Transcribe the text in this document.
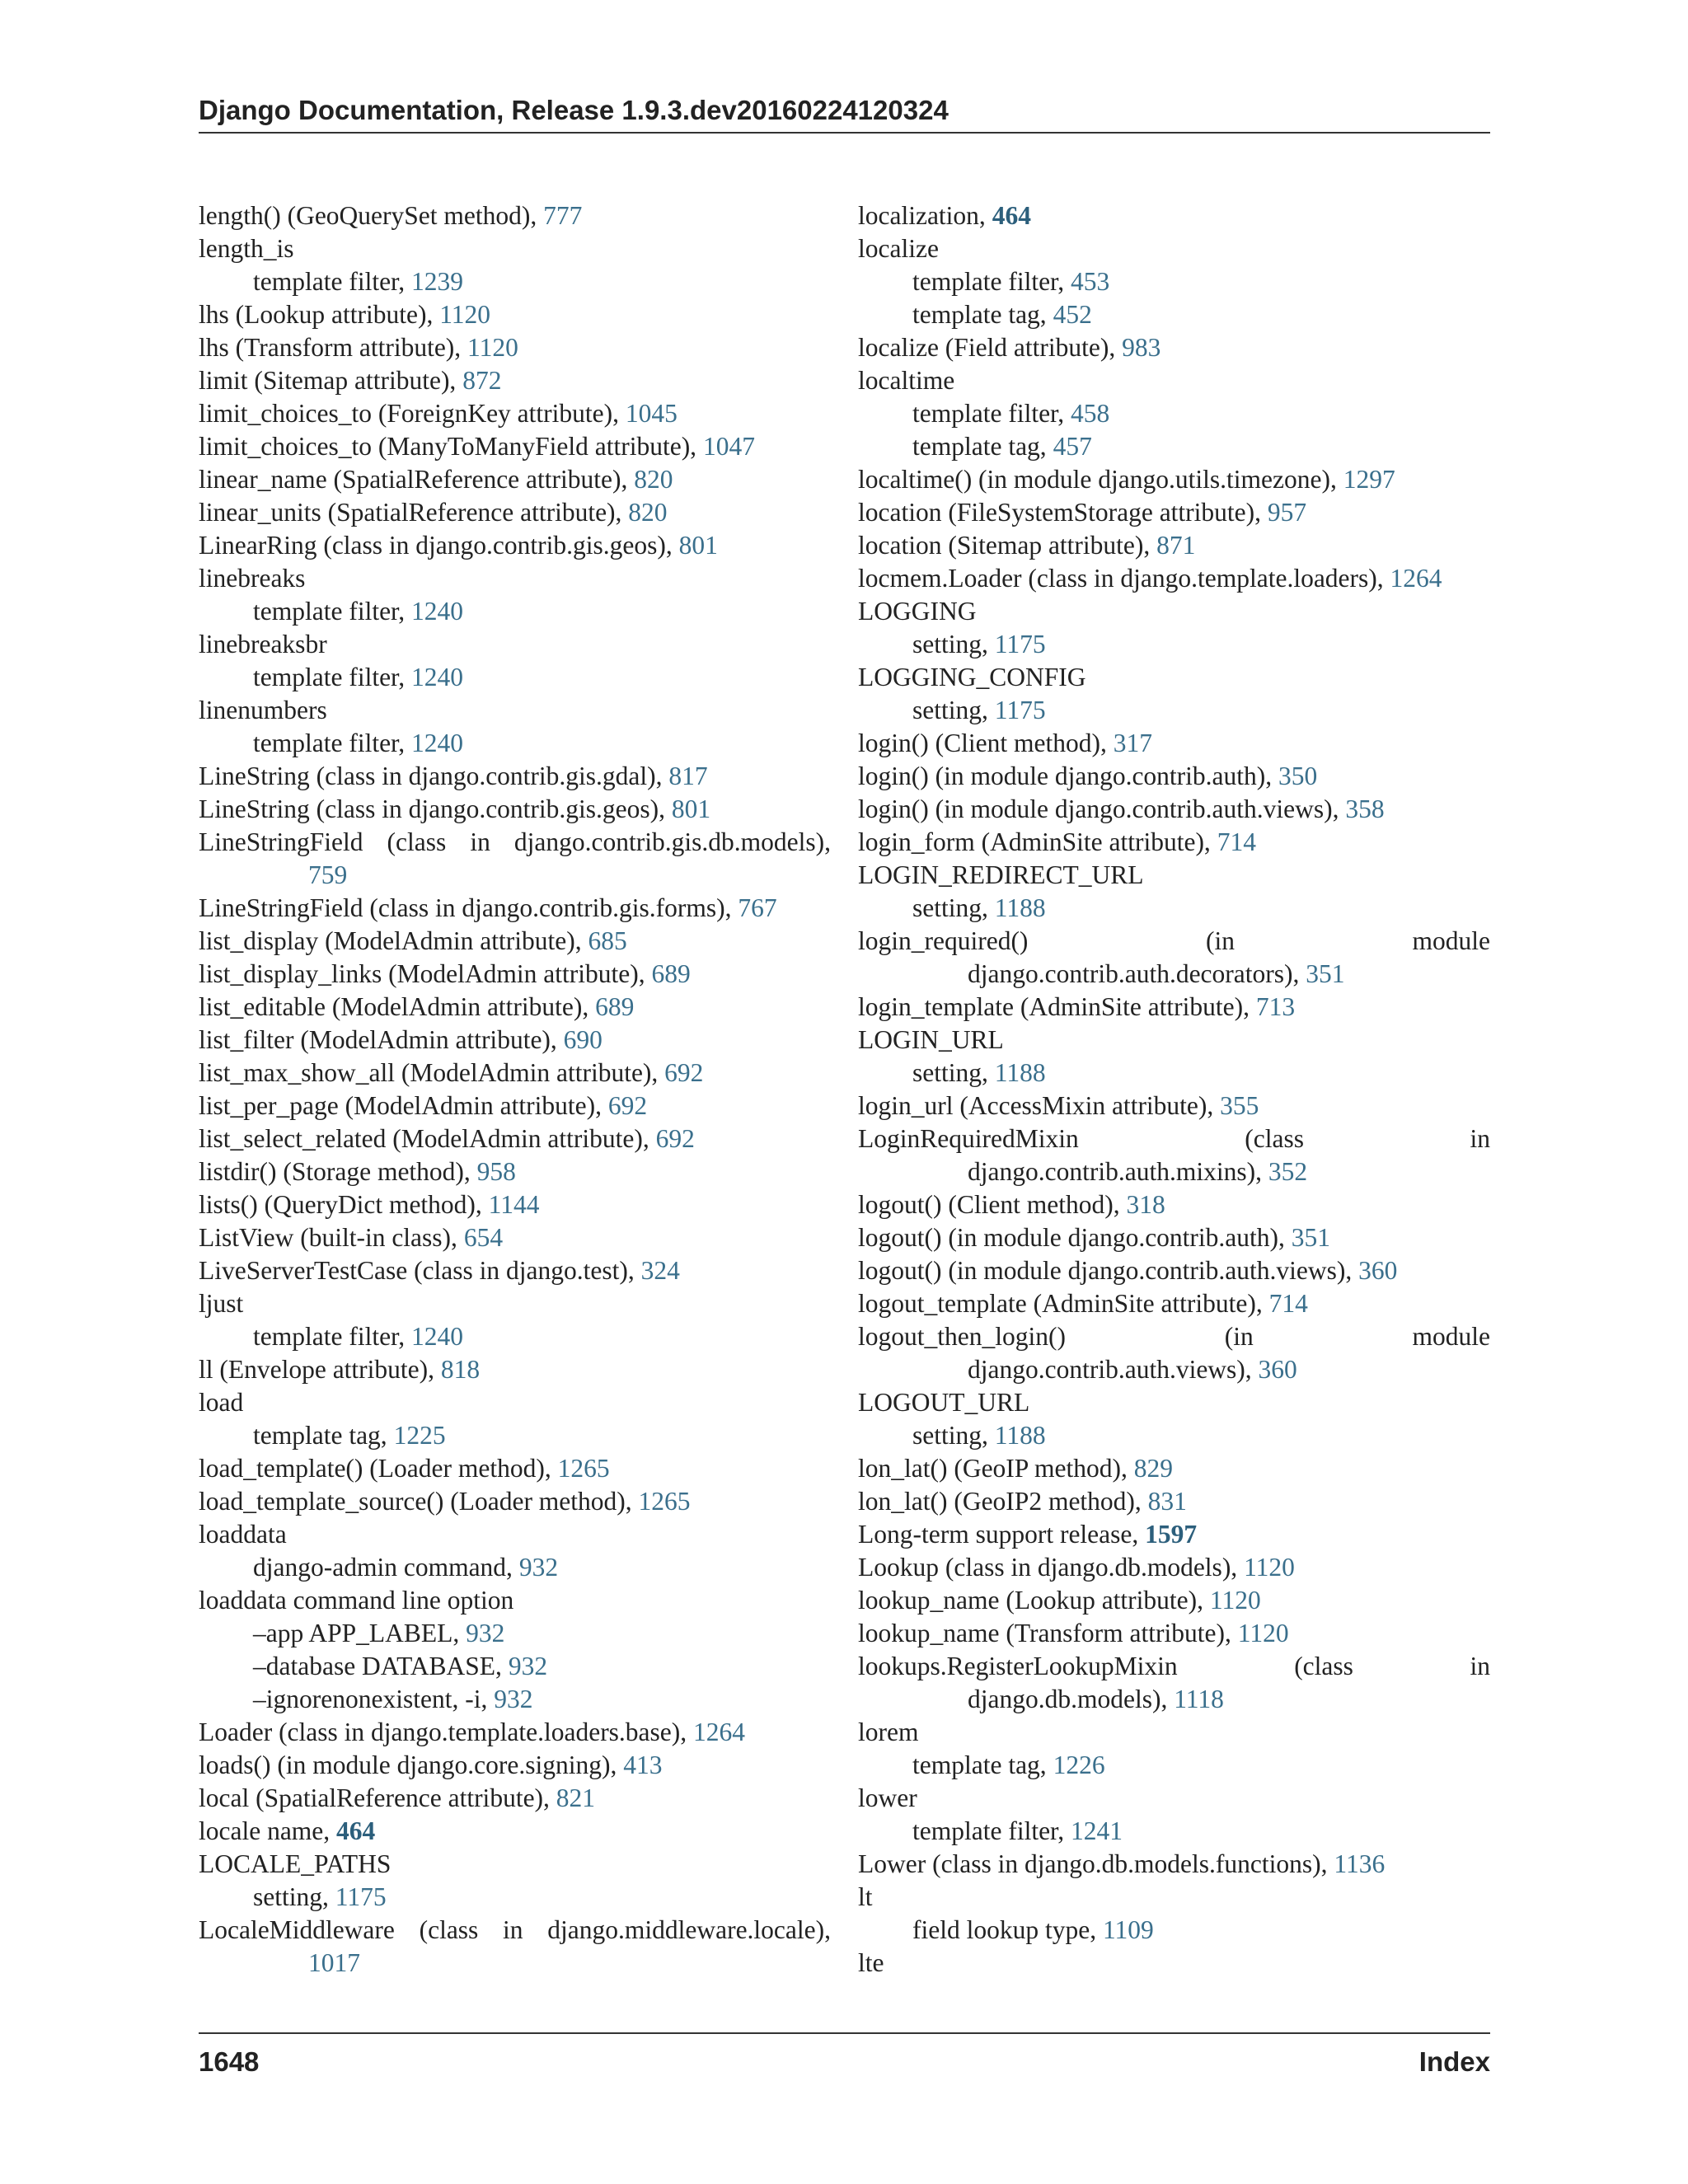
Django Documentation, Release 1.9.3.dev20160224120324
length() (GeoQuerySet method), 777
length_is
template filter, 1239
lhs (Lookup attribute), 1120
lhs (Transform attribute), 1120
limit (Sitemap attribute), 872
limit_choices_to (ForeignKey attribute), 1045
limit_choices_to (ManyToManyField attribute), 1047
linear_name (SpatialReference attribute), 820
linear_units (SpatialReference attribute), 820
LinearRing (class in django.contrib.gis.geos), 801
linebreaks
template filter, 1240
linebreaksbr
template filter, 1240
linenumbers
template filter, 1240
LineString (class in django.contrib.gis.gdal), 817
LineString (class in django.contrib.gis.geos), 801
LineStringField (class in django.contrib.gis.db.models),
759
LineStringField (class in django.contrib.gis.forms), 767
list_display (ModelAdmin attribute), 685
list_display_links (ModelAdmin attribute), 689
list_editable (ModelAdmin attribute), 689
list_filter (ModelAdmin attribute), 690
list_max_show_all (ModelAdmin attribute), 692
list_per_page (ModelAdmin attribute), 692
list_select_related (ModelAdmin attribute), 692
listdir() (Storage method), 958
lists() (QueryDict method), 1144
ListView (built-in class), 654
LiveServerTestCase (class in django.test), 324
ljust
template filter, 1240
ll (Envelope attribute), 818
load
template tag, 1225
load_template() (Loader method), 1265
load_template_source() (Loader method), 1265
loaddata
django-admin command, 932
loaddata command line option
–app APP_LABEL, 932
–database DATABASE, 932
–ignorenonexistent, -i, 932
Loader (class in django.template.loaders.base), 1264
loads() (in module django.core.signing), 413
local (SpatialReference attribute), 821
locale name, 464
LOCALE_PATHS
setting, 1175
LocaleMiddleware (class in django.middleware.locale),
1017
localization, 464
localize
template filter, 453
template tag, 452
localize (Field attribute), 983
localtime
template filter, 458
template tag, 457
localtime() (in module django.utils.timezone), 1297
location (FileSystemStorage attribute), 957
location (Sitemap attribute), 871
locmem.Loader (class in django.template.loaders), 1264
LOGGING
setting, 1175
LOGGING_CONFIG
setting, 1175
login() (Client method), 317
login() (in module django.contrib.auth), 350
login() (in module django.contrib.auth.views), 358
login_form (AdminSite attribute), 714
LOGIN_REDIRECT_URL
setting, 1188
login_required() (in module
django.contrib.auth.decorators), 351
login_template (AdminSite attribute), 713
LOGIN_URL
setting, 1188
login_url (AccessMixin attribute), 355
LoginRequiredMixin (class in
django.contrib.auth.mixins), 352
logout() (Client method), 318
logout() (in module django.contrib.auth), 351
logout() (in module django.contrib.auth.views), 360
logout_template (AdminSite attribute), 714
logout_then_login() (in module
django.contrib.auth.views), 360
LOGOUT_URL
setting, 1188
lon_lat() (GeoIP method), 829
lon_lat() (GeoIP2 method), 831
Long-term support release, 1597
Lookup (class in django.db.models), 1120
lookup_name (Lookup attribute), 1120
lookup_name (Transform attribute), 1120
lookups.RegisterLookupMixin (class in
django.db.models), 1118
lorem
template tag, 1226
lower
template filter, 1241
Lower (class in django.db.models.functions), 1136
lt
field lookup type, 1109
lte
1648	Index
